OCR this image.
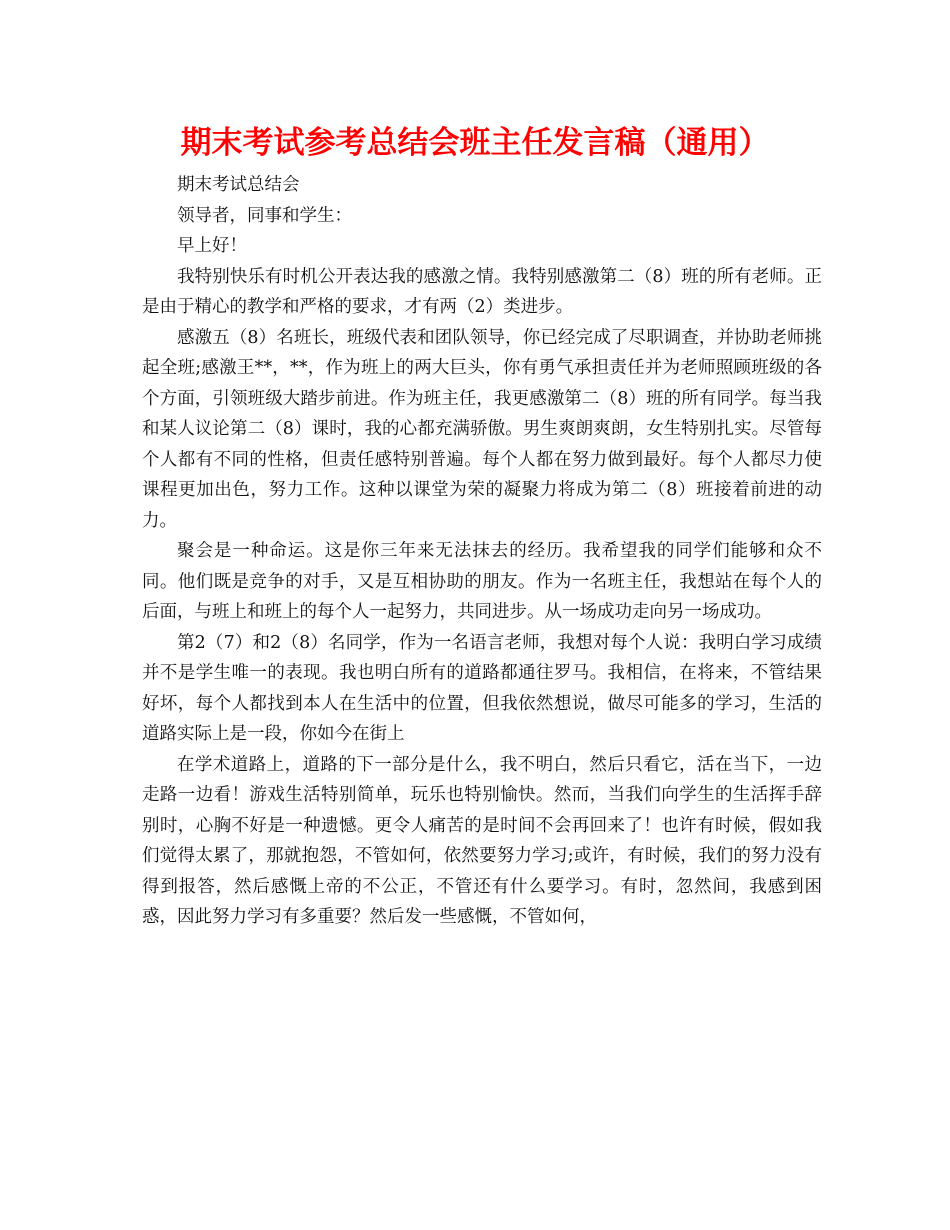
期末考试参考总结会班主任发言稿（通用）

期末考试总结会

领导者，同事和学生：

早上好！

我特别快乐有时机公开表达我的感激之情。我特别感激第二（8）班的所有老师。正是由于精心的教学和严格的要求，才有两（2）类进步。

感激五（8）名班长，班级代表和团队领导，你已经完成了尽职调查，并协助老师挑起全班;感激王**，**，作为班上的两大巨头，你有勇气承担责任并为老师照顾班级的各个方面，引领班级大踏步前进。作为班主任，我更感激第二（8）班的所有同学。每当我和某人议论第二（8）课时，我的心都充满骄傲。男生爽朗爽朗，女生特别扎实。尽管每个人都有不同的性格，但责任感特别普遍。每个人都在努力做到最好。每个人都尽力使课程更加出色，努力工作。这种以课堂为荣的凝聚力将成为第二（8）班接着前进的动力。

聚会是一种命运。这是你三年来无法抹去的经历。我希望我的同学们能够和众不同。他们既是竞争的对手，又是互相协助的朋友。作为一名班主任，我想站在每个人的后面，与班上和班上的每个人一起努力，共同进步。从一场成功走向另一场成功。

第2（7）和2（8）名同学，作为一名语言老师，我想对每个人说：我明白学习成绩并不是学生唯一的表现。我也明白所有的道路都通往罗马。我相信，在将来，不管结果好坏，每个人都找到本人在生活中的位置，但我依然想说，做尽可能多的学习，生活的道路实际上是一段，你如今在街上

在学术道路上，道路的下一部分是什么，我不明白，然后只看它，活在当下，一边走路一边看！游戏生活特别简单，玩乐也特别愉快。然而，当我们向学生的生活挥手辞别时，心胸不好是一种遗憾。更令人痛苦的是时间不会再回来了！也许有时候，假如我们觉得太累了，那就抱怨，不管如何，依然要努力学习;或许，有时候，我们的努力没有得到报答，然后感慨上帝的不公正，不管还有什么要学习。有时，忽然间，我感到困惑，因此努力学习有多重要？然后发一些感慨，不管如何，
